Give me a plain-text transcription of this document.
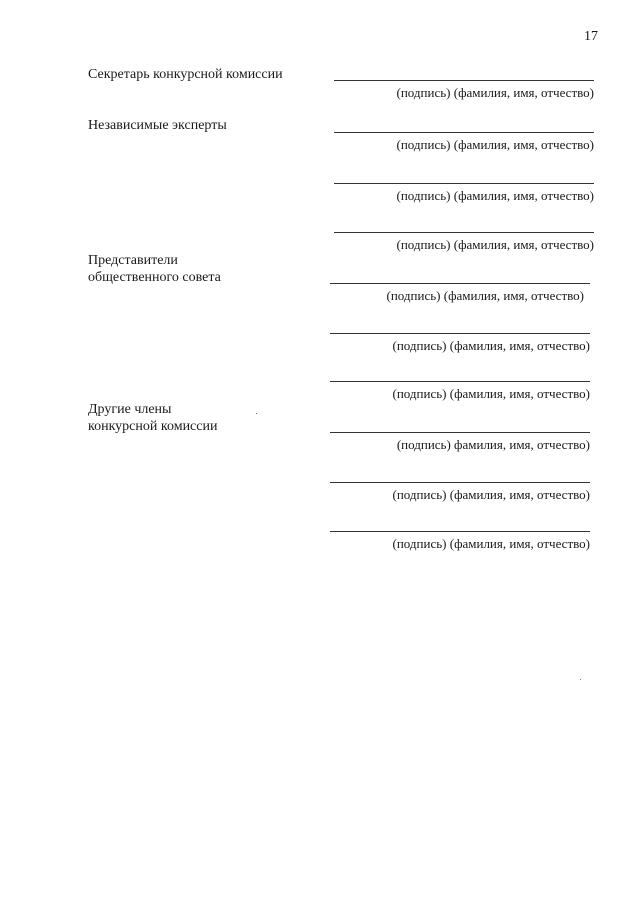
17
Секретарь конкурсной комиссии
Независимые эксперты
Представители
общественного совета
Другие члены
конкурсной комиссии
(подпись) (фамилия, имя, отчество)
(подпись) (фамилия, имя, отчество)
(подпись) (фамилия, имя, отчество)
(подпись) (фамилия, имя, отчество)
(подпись) (фамилия, имя, отчество)
(подпись) (фамилия, имя, отчество)
(подпись) (фамилия, имя, отчество)
(подпись) фамилия, имя, отчество)
(подпись) (фамилия, имя, отчество)
(подпись) (фамилия, имя, отчество)
